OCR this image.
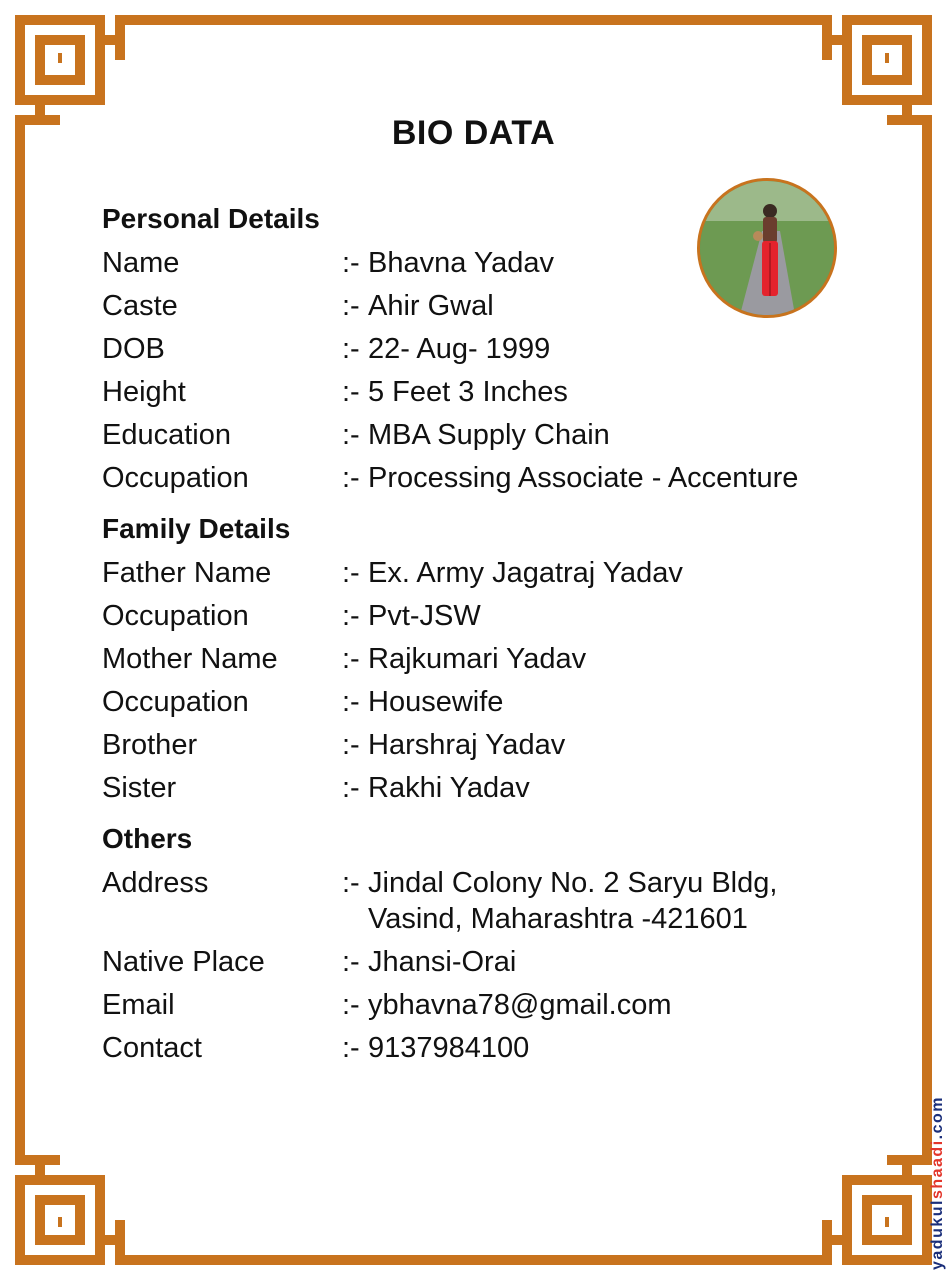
BIO DATA
Personal Details
Name	:- Bhavna Yadav
Caste	:- Ahir Gwal
DOB	:- 22- Aug- 1999
Height	:- 5 Feet 3 Inches
Education	:- MBA Supply Chain
Occupation	:- Processing Associate - Accenture
Family Details
Father Name :- Ex. Army Jagatraj Yadav
Occupation	:- Pvt-JSW
Mother Name :- Rajkumari Yadav
Occupation	:- Housewife
Brother	:- Harshraj Yadav
Sister	:- Rakhi Yadav
Others
Address	:- Jindal Colony No. 2 Saryu Bldg,
Vasind, Maharashtra -421601
Native Place	:- Jhansi-Orai
Email	:- ybhavna78@gmail.com
Contact	:- 9137984100
yadukulshaadi.com
